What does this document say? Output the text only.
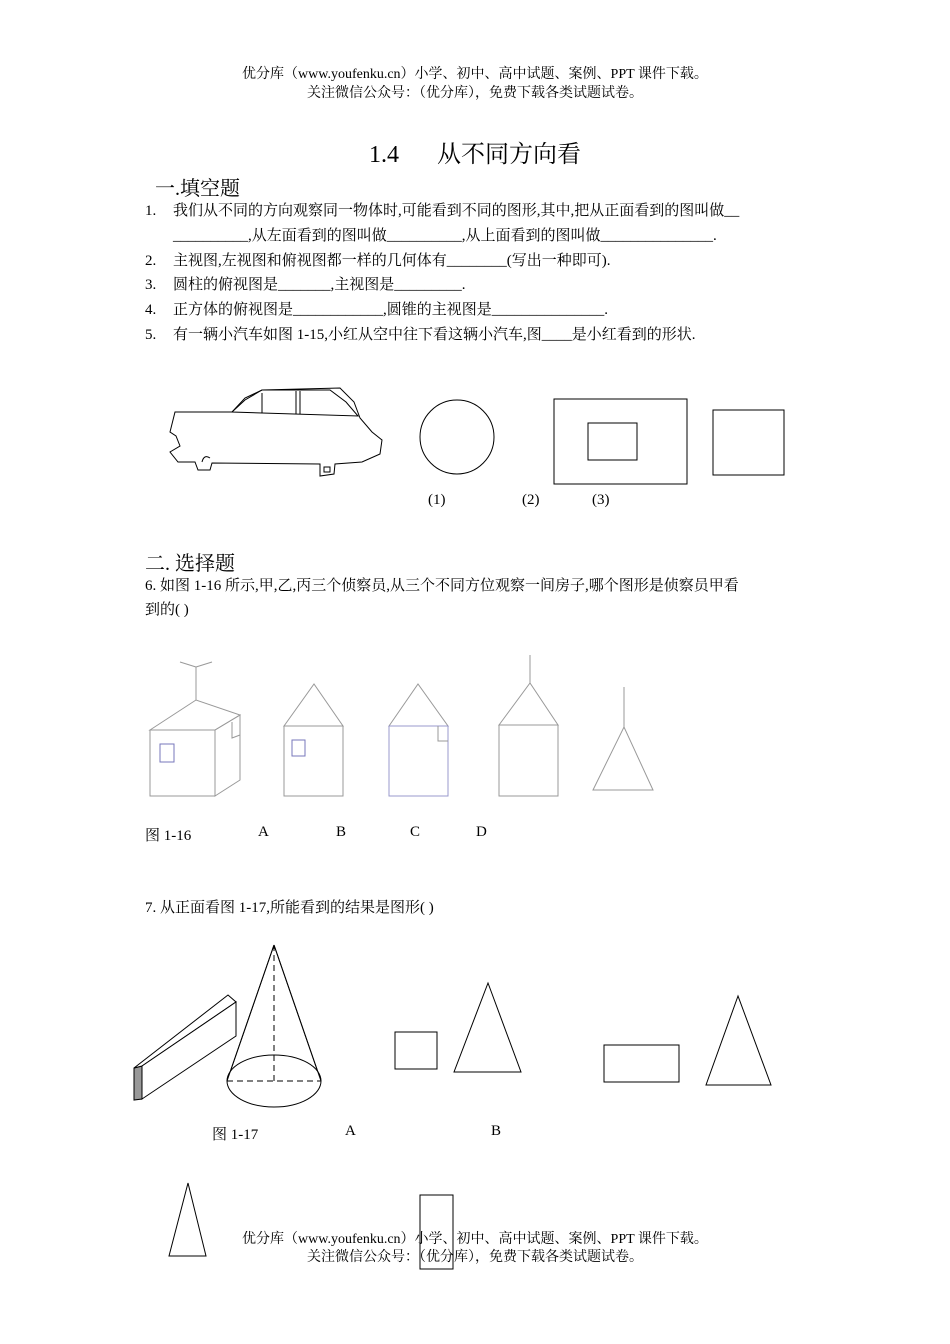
优分库（www.youfenku.cn）小学、初中、高中试题、案例、PPT 课件下载。
关注微信公众号：（优分库），免费下载各类试题试卷。
1.4 从不同方向看
一.填空题
1. 我们从不同的方向观察同一物体时,可能看到不同的图形,其中,把从正面看到的图叫做__
__________,从左面看到的图叫做__________,从上面看到的图叫做_______________.
2. 主视图,左视图和俯视图都一样的几何体有________(写出一种即可).
3. 圆柱的俯视图是_______,主视图是_________.
4. 正方体的俯视图是____________,圆锥的主视图是_______________.
5. 有一辆小汽车如图 1-15,小红从空中往下看这辆小汽车,图____是小红看到的形状.
(1)	(2)	(3)
二. 选择题
6. 如图 1-16 所示,甲,乙,丙三个侦察员,从三个不同方位观察一间房子,哪个图形是侦察员甲看
到的( )
图 1-16	A	B	C	D
7. 从正面看图 1-17,所能看到的结果是图形( )
图 1-17	A	B
优分库（www.youfenku.cn）小学、初中、高中试题、案例、PPT 课件下载。
关注微信公众号：（优分库），免费下载各类试题试卷。
